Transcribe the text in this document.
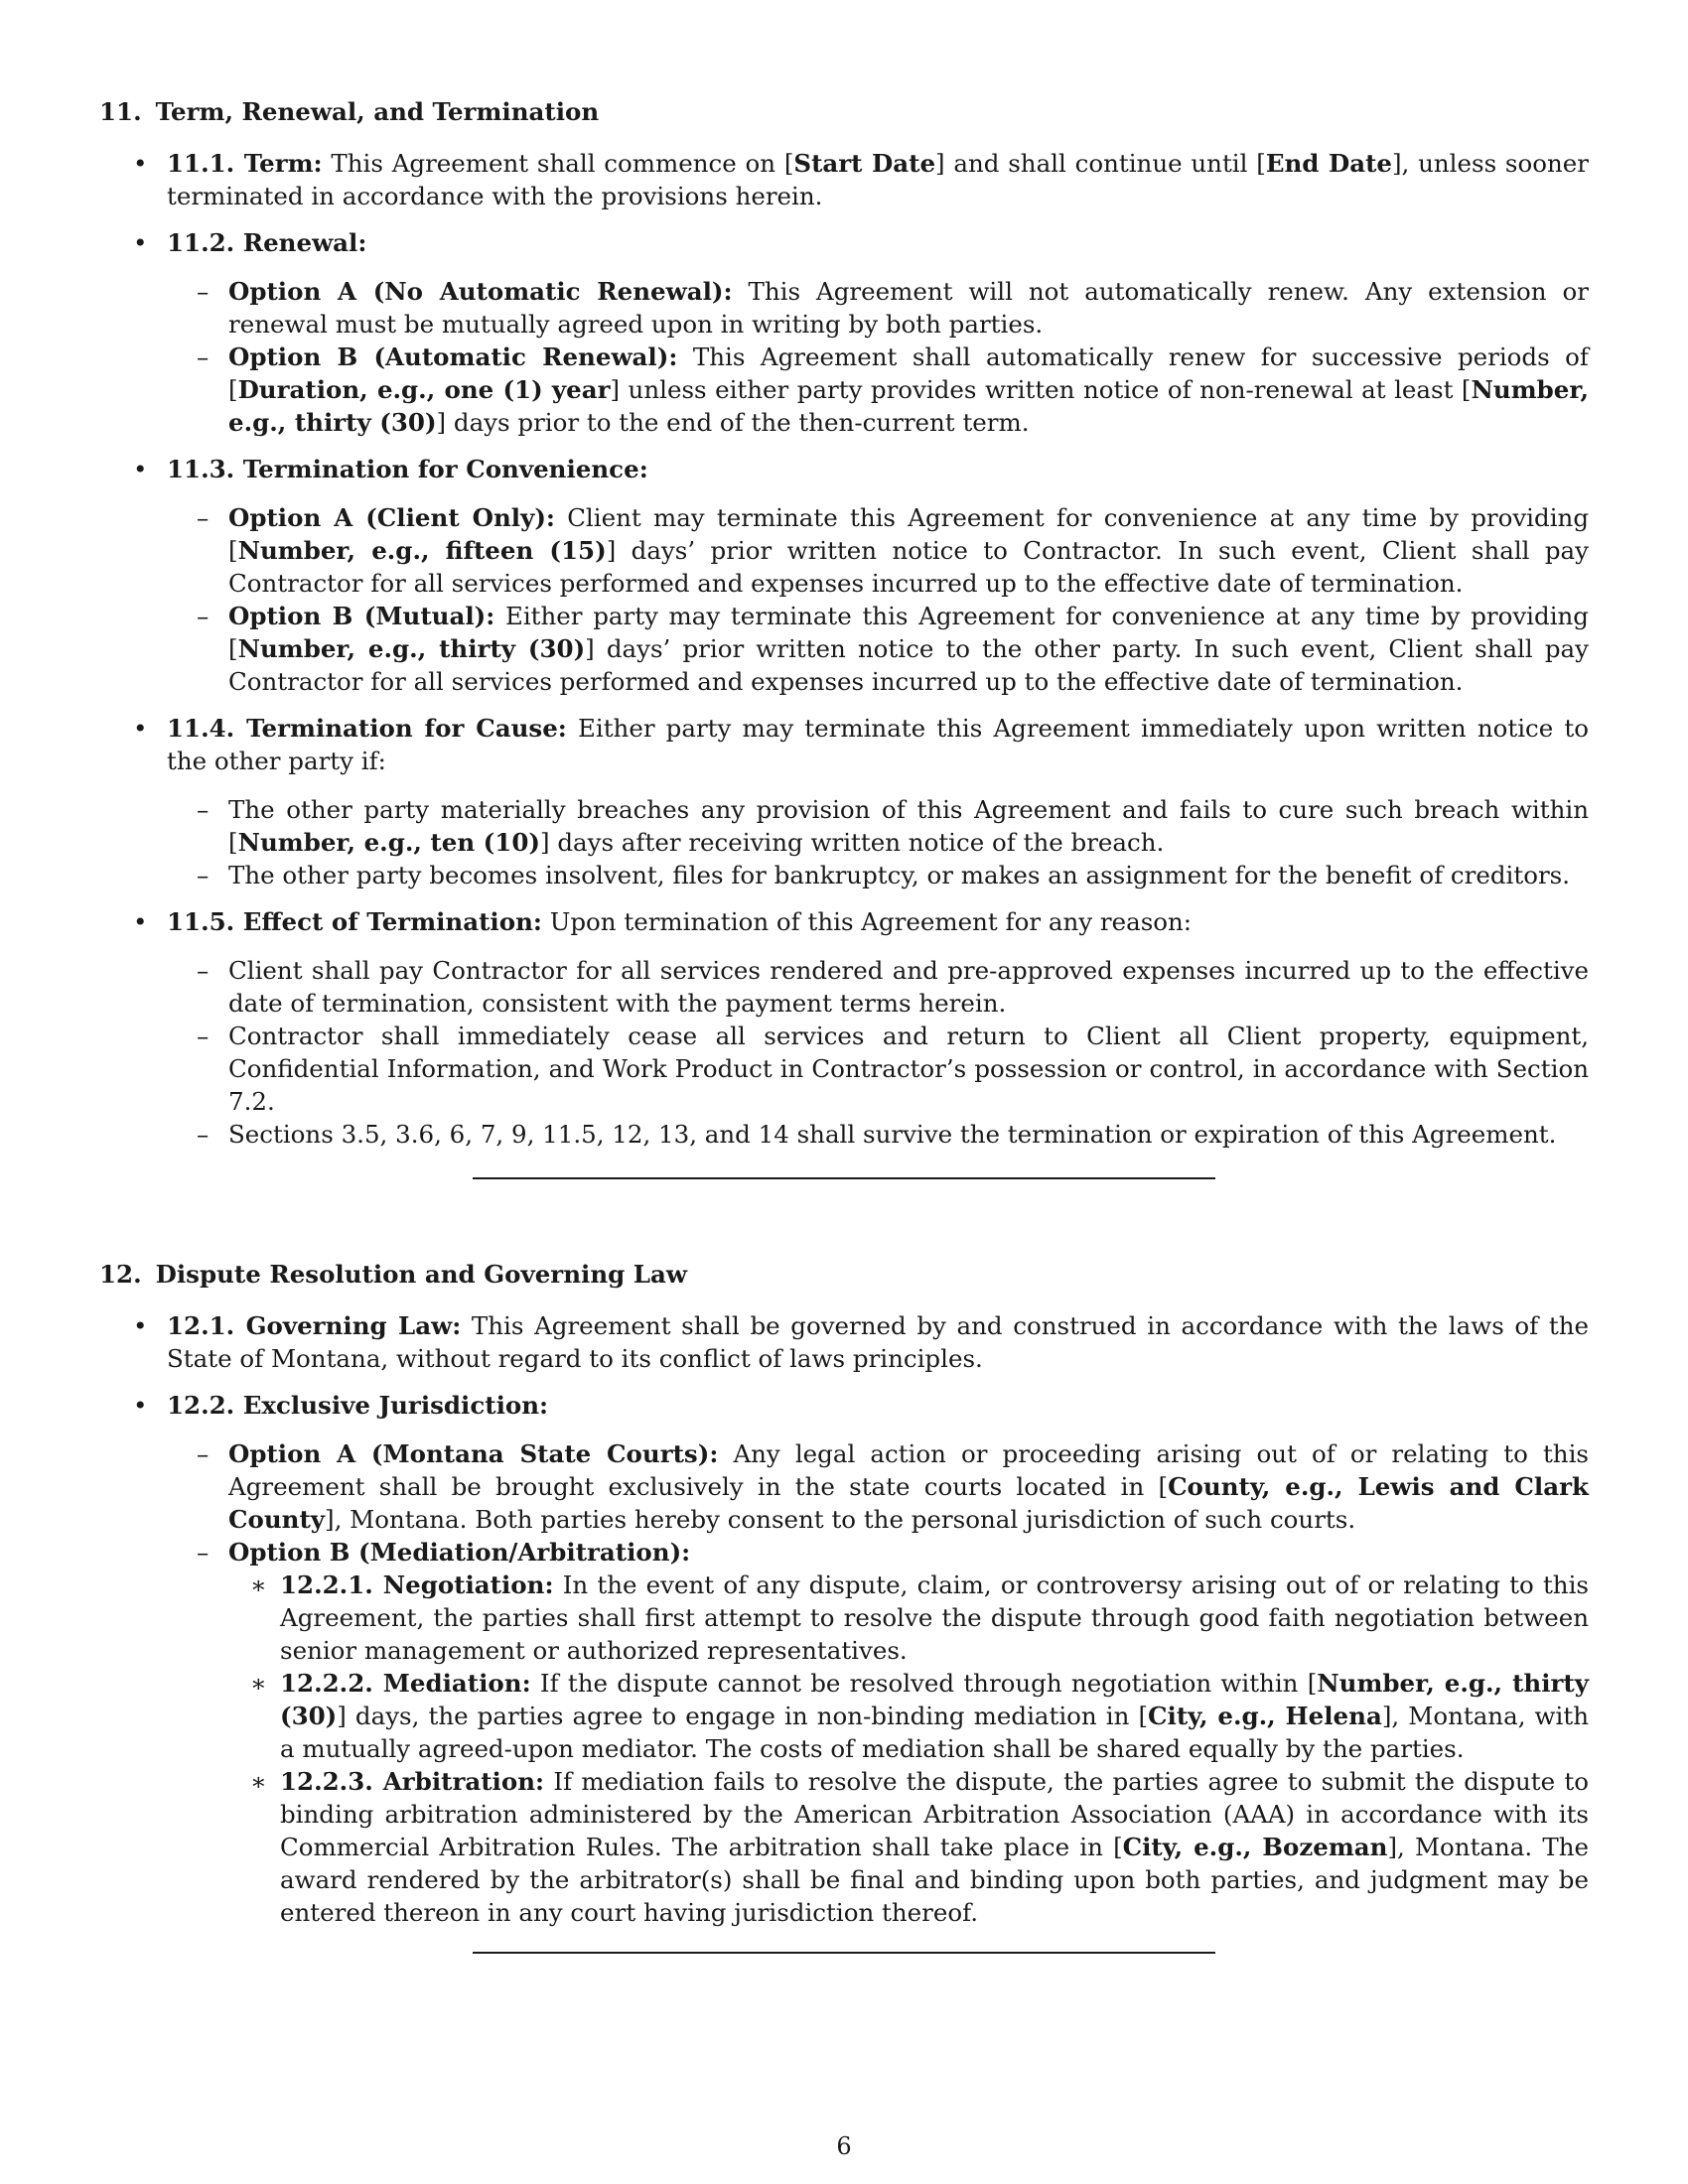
11. Term, Renewal, and Termination
• 11.1. Term: This Agreement shall commence on [Start Date] and shall continue until [End Date], unless sooner terminated in accordance with the provisions herein.
• 11.2. Renewal:
– Option A (No Automatic Renewal): This Agreement will not automatically renew. Any extension or renewal must be mutually agreed upon in writing by both parties.
– Option B (Automatic Renewal): This Agreement shall automatically renew for successive periods of [Duration, e.g., one (1) year] unless either party provides written notice of non-renewal at least [Number, e.g., thirty (30)] days prior to the end of the then-current term.
• 11.3. Termination for Convenience:
– Option A (Client Only): Client may terminate this Agreement for convenience at any time by providing [Number, e.g., fifteen (15)] days’ prior written notice to Contractor. In such event, Client shall pay Contractor for all services performed and expenses incurred up to the effective date of termination.
– Option B (Mutual): Either party may terminate this Agreement for convenience at any time by providing [Number, e.g., thirty (30)] days’ prior written notice to the other party. In such event, Client shall pay Contractor for all services performed and expenses incurred up to the effective date of termination.
• 11.4. Termination for Cause: Either party may terminate this Agreement immediately upon written notice to the other party if:
– The other party materially breaches any provision of this Agreement and fails to cure such breach within [Number, e.g., ten (10)] days after receiving written notice of the breach.
– The other party becomes insolvent, files for bankruptcy, or makes an assignment for the benefit of creditors.
• 11.5. Effect of Termination: Upon termination of this Agreement for any reason:
– Client shall pay Contractor for all services rendered and pre-approved expenses incurred up to the effective date of termination, consistent with the payment terms herein.
– Contractor shall immediately cease all services and return to Client all Client property, equipment, Confidential Information, and Work Product in Contractor’s possession or control, in accordance with Section 7.2.
– Sections 3.5, 3.6, 6, 7, 9, 11.5, 12, 13, and 14 shall survive the termination or expiration of this Agreement.
12. Dispute Resolution and Governing Law
• 12.1. Governing Law: This Agreement shall be governed by and construed in accordance with the laws of the State of Montana, without regard to its conflict of laws principles.
• 12.2. Exclusive Jurisdiction:
– Option A (Montana State Courts): Any legal action or proceeding arising out of or relating to this Agreement shall be brought exclusively in the state courts located in [County, e.g., Lewis and Clark County], Montana. Both parties hereby consent to the personal jurisdiction of such courts.
– Option B (Mediation/Arbitration):
∗ 12.2.1. Negotiation: In the event of any dispute, claim, or controversy arising out of or relating to this Agreement, the parties shall first attempt to resolve the dispute through good faith negotiation between senior management or authorized representatives.
∗ 12.2.2. Mediation: If the dispute cannot be resolved through negotiation within [Number, e.g., thirty (30)] days, the parties agree to engage in non-binding mediation in [City, e.g., Helena], Montana, with a mutually agreed-upon mediator. The costs of mediation shall be shared equally by the parties.
∗ 12.2.3. Arbitration: If mediation fails to resolve the dispute, the parties agree to submit the dispute to binding arbitration administered by the American Arbitration Association (AAA) in accordance with its Commercial Arbitration Rules. The arbitration shall take place in [City, e.g., Bozeman], Montana. The award rendered by the arbitrator(s) shall be final and binding upon both parties, and judgment may be entered thereon in any court having jurisdiction thereof.
6
